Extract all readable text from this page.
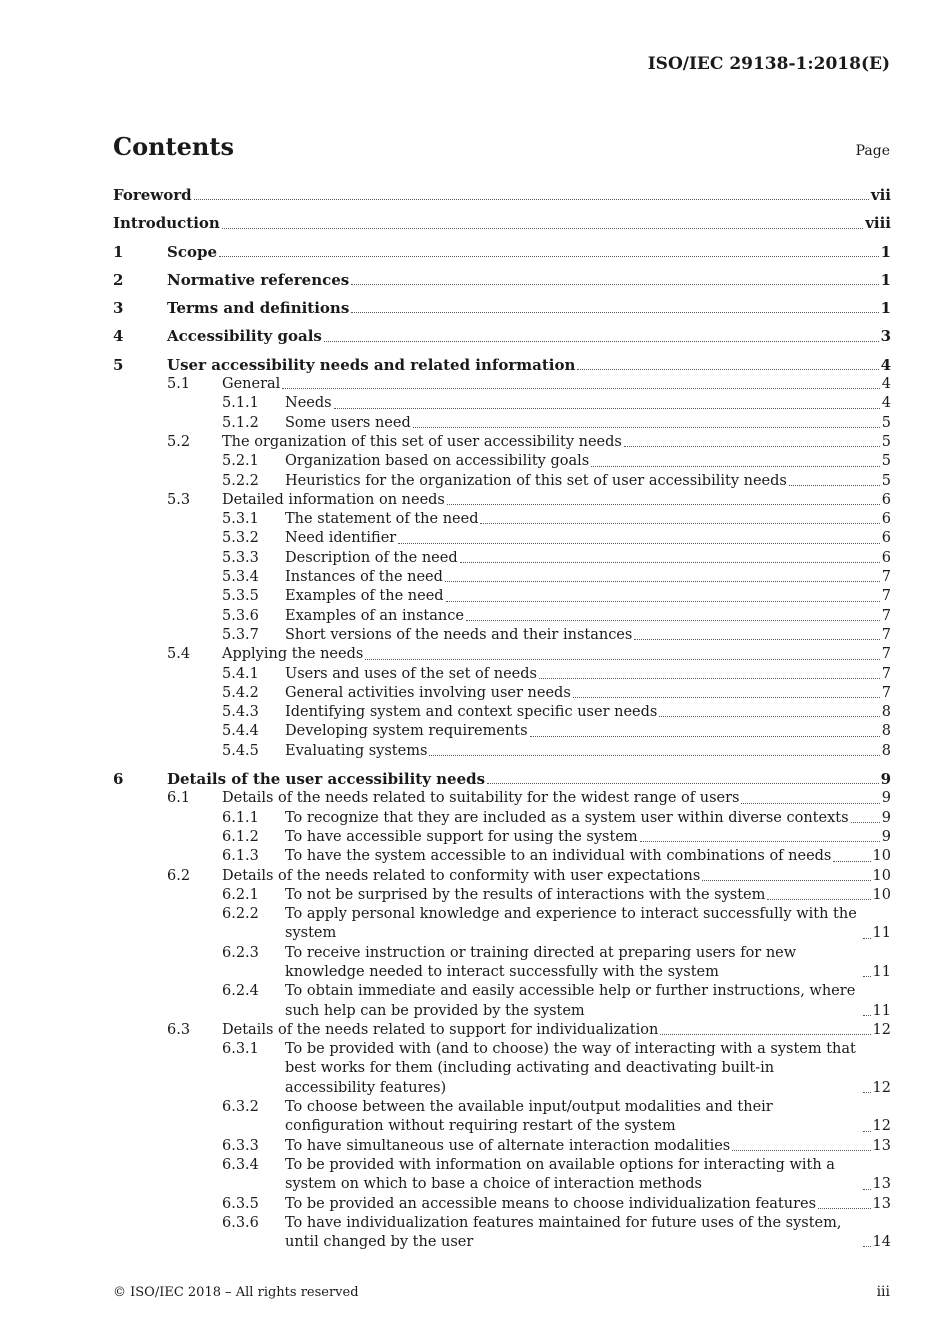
ISO/IEC 29138-1:2018(E)
Contents	Page
Foreword	vii
Introduction	viii
1	Scope	1
2	Normative references	1
3	Terms and definitions	1
4	Accessibility goals	3
5	User accessibility needs and related information	4
5.1 General	4
5.1.1 Needs	4
5.1.2 Some users need	5
5.2 The organization of this set of user accessibility needs	5
5.2.1 Organization based on accessibility goals	5
5.2.2 Heuristics for the organization of this set of user accessibility needs	5
5.3 Detailed information on needs	6
5.3.1 The statement of the need	6
5.3.2 Need identifier	6
5.3.3 Description of the need	6
5.3.4 Instances of the need	7
5.3.5 Examples of the need	7
5.3.6 Examples of an instance	7
5.3.7 Short versions of the needs and their instances	7
5.4 Applying the needs	7
5.4.1 Users and uses of the set of needs	7
5.4.2 General activities involving user needs	7
5.4.3 Identifying system and context specific user needs	8
5.4.4 Developing system requirements	8
5.4.5 Evaluating systems	8
6	Details of the user accessibility needs	9
6.1 Details of the needs related to suitability for the widest range of users	9
6.1.1 To recognize that they are included as a system user within diverse contexts 9
6.1.2 To have accessible support for using the system	9
6.1.3 To have the system accessible to an individual with combinations of needs	10
6.2 Details of the needs related to conformity with user expectations	10
6.2.1 To not be surprised by the results of interactions with the system	10
6.2.2 To apply personal knowledge and experience to interact successfully with the system	11
6.2.3 To receive instruction or training directed at preparing users for new knowledge needed to interact successfully with the system	11
6.2.4 To obtain immediate and easily accessible help or further instructions, where such help can be provided by the system	11
6.3 Details of the needs related to support for individualization	12
6.3.1 To be provided with (and to choose) the way of interacting with a system that best works for them (including activating and deactivating built-in accessibility features)	12
6.3.2 To choose between the available input/output modalities and their configuration without requiring restart of the system	12
6.3.3 To have simultaneous use of alternate interaction modalities	13
6.3.4 To be provided with information on available options for interacting with a system on which to base a choice of interaction methods	13
6.3.5 To be provided an accessible means to choose individualization features	13
6.3.6 To have individualization features maintained for future uses of the system, until changed by the user	14
© ISO/IEC 2018 – All rights reserved	iii
